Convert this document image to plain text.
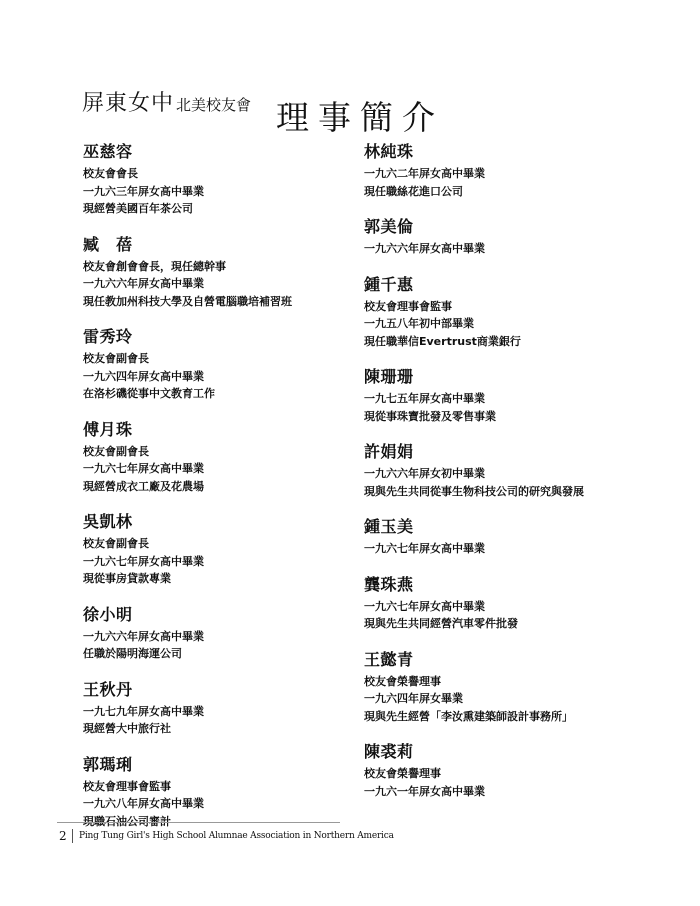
屏東女中 北美校友會 理事簡介
巫慈容
校友會會長
一九六三年屏女高中畢業
現經營美國百年茶公司
臧　蓓
校友會創會會長，現任總幹事
一九六六年屏女高中畢業
現任教加州科技大學及自營電腦職培補習班
雷秀玲
校友會副會長
一九六四年屏女高中畢業
在洛杉磯從事中文教育工作
傅月珠
校友會副會長
一九六七年屏女高中畢業
現經營成衣工廠及花農場
吳凱林
校友會副會長
一九六七年屏女高中畢業
現從事房貸款專業
徐小明
一九六六年屏女高中畢業
任職於陽明海運公司
王秋丹
一九七九年屏女高中畢業
現經營大中旅行社
郭瑪琍
校友會理事會監事
一九六八年屏女高中畢業
現職石油公司審計
林純珠
一九六二年屏女高中畢業
現任職絲花進口公司
郭美倫
一九六六年屏女高中畢業
鍾千惠
校友會理事會監事
一九五八年初中部畢業
現任職華信Evertrust商業銀行
陳珊珊
一九七五年屏女高中畢業
現從事珠寶批發及零售事業
許娟娟
一九六六年屏女初中畢業
現與先生共同從事生物科技公司的研究與發展
鍾玉美
一九六七年屏女高中畢業
龔珠燕
一九六七年屏女高中畢業
現與先生共同經營汽車零件批發
王懿青
校友會榮譽理事
一九六四年屏女畢業
現與先生經營「李汝熏建築師設計事務所」
陳裘莉
校友會榮譽理事
一九六一年屏女高中畢業
2	Ping Tung Girl's High School Alumnae Association in Northern America
